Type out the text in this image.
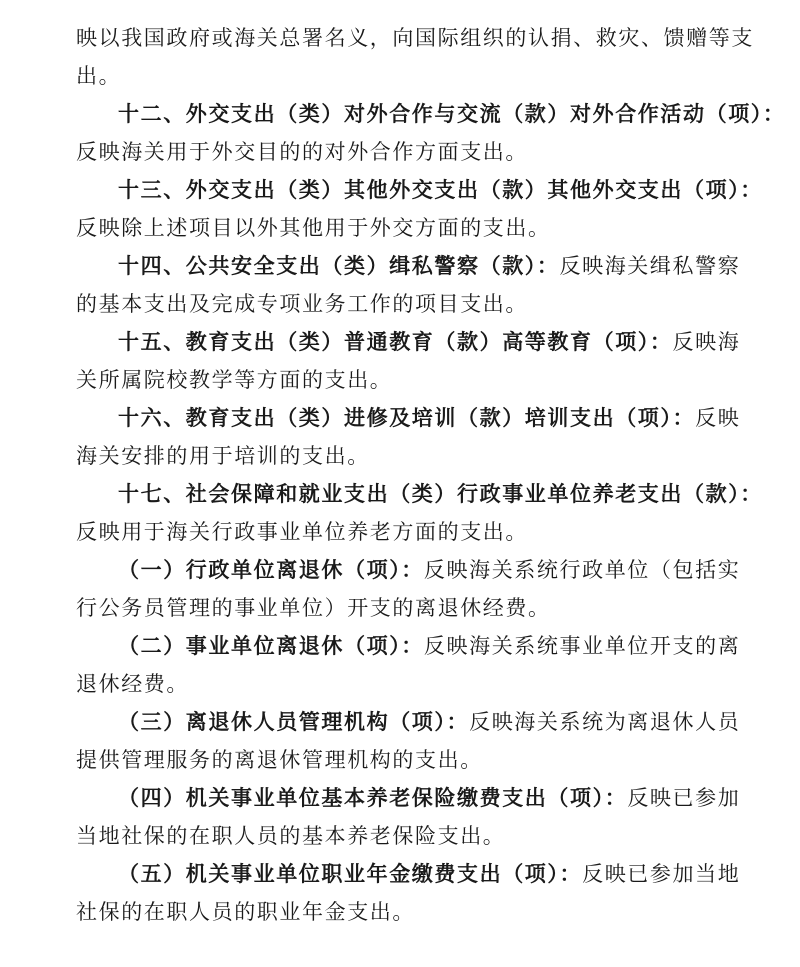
映以我国政府或海关总署名义，向国际组织的认捐、救灾、馈赠等支
出。
十二、外交支出（类）对外合作与交流（款）对外合作活动（项）：
反映海关用于外交目的的对外合作方面支出。
十三、外交支出（类）其他外交支出（款）其他外交支出（项）：
反映除上述项目以外其他用于外交方面的支出。
十四、公共安全支出（类）缉私警察（款）：反映海关缉私警察
的基本支出及完成专项业务工作的项目支出。
十五、教育支出（类）普通教育（款）高等教育（项）：反映海
关所属院校教学等方面的支出。
十六、教育支出（类）进修及培训（款）培训支出（项）：反映
海关安排的用于培训的支出。
十七、社会保障和就业支出（类）行政事业单位养老支出（款）：
反映用于海关行政事业单位养老方面的支出。
（一）行政单位离退休（项）：反映海关系统行政单位（包括实
行公务员管理的事业单位）开支的离退休经费。
（二）事业单位离退休（项）：反映海关系统事业单位开支的离
退休经费。
（三）离退休人员管理机构（项）：反映海关系统为离退休人员
提供管理服务的离退休管理机构的支出。
（四）机关事业单位基本养老保险缴费支出（项）：反映已参加
当地社保的在职人员的基本养老保险支出。
（五）机关事业单位职业年金缴费支出（项）：反映已参加当地
社保的在职人员的职业年金支出。
